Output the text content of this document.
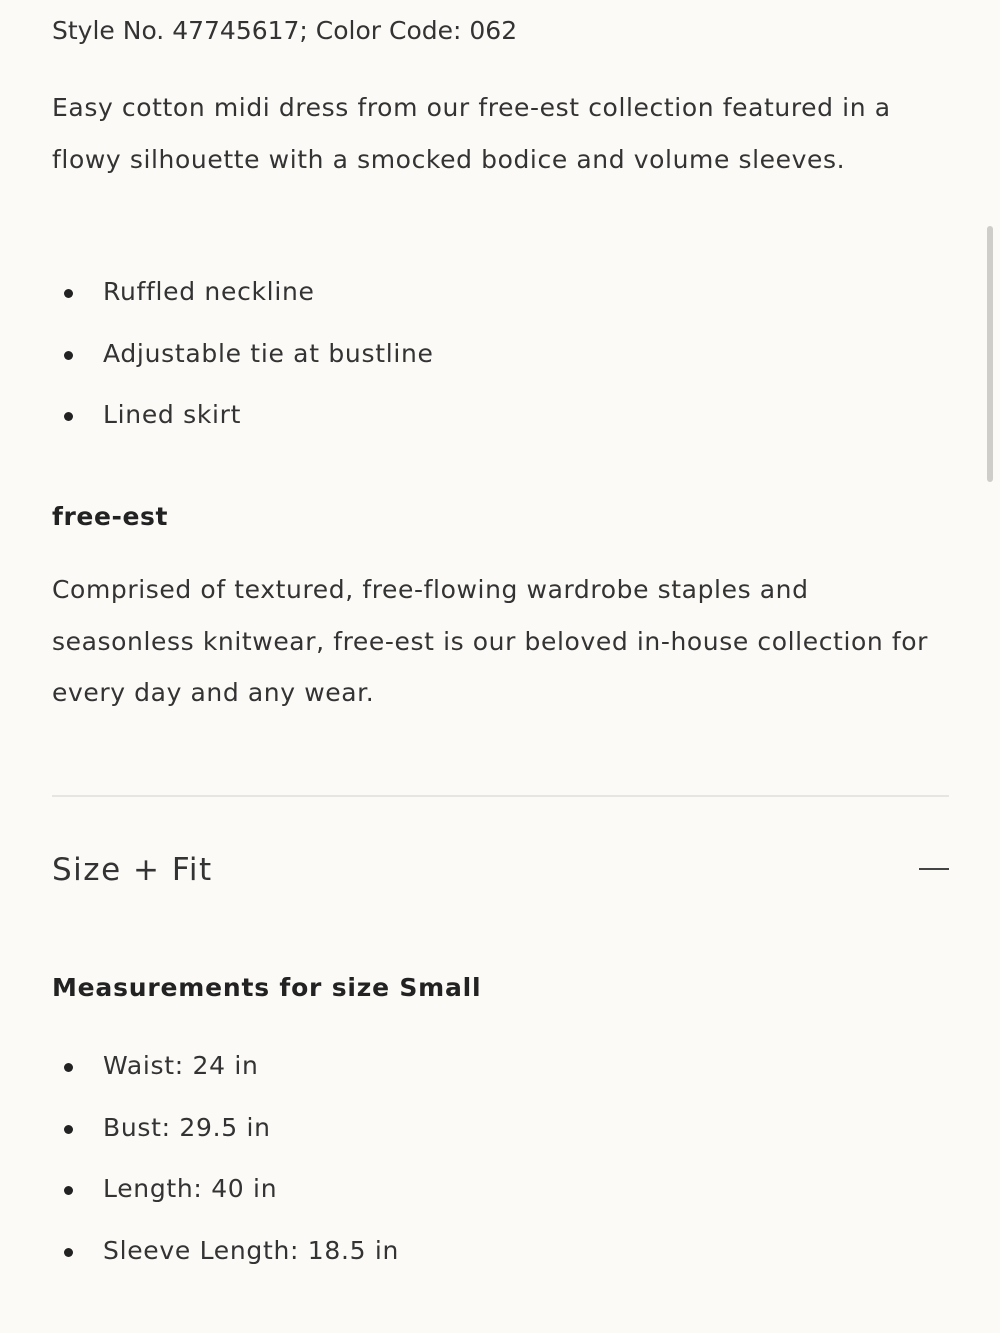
Style No. 47745617; Color Code: 062

Easy cotton midi dress from our free-est collection featured in a flowy silhouette with a smocked bodice and volume sleeves.

Ruffled neckline
Adjustable tie at bustline
Lined skirt
free-est

Comprised of textured, free-flowing wardrobe staples and seasonless knitwear, free-est is our beloved in-house collection for every day and any wear.

Size + Fit
Measurements for size Small
Waist: 24 in
Bust: 29.5 in
Length: 40 in
Sleeve Length: 18.5 in
